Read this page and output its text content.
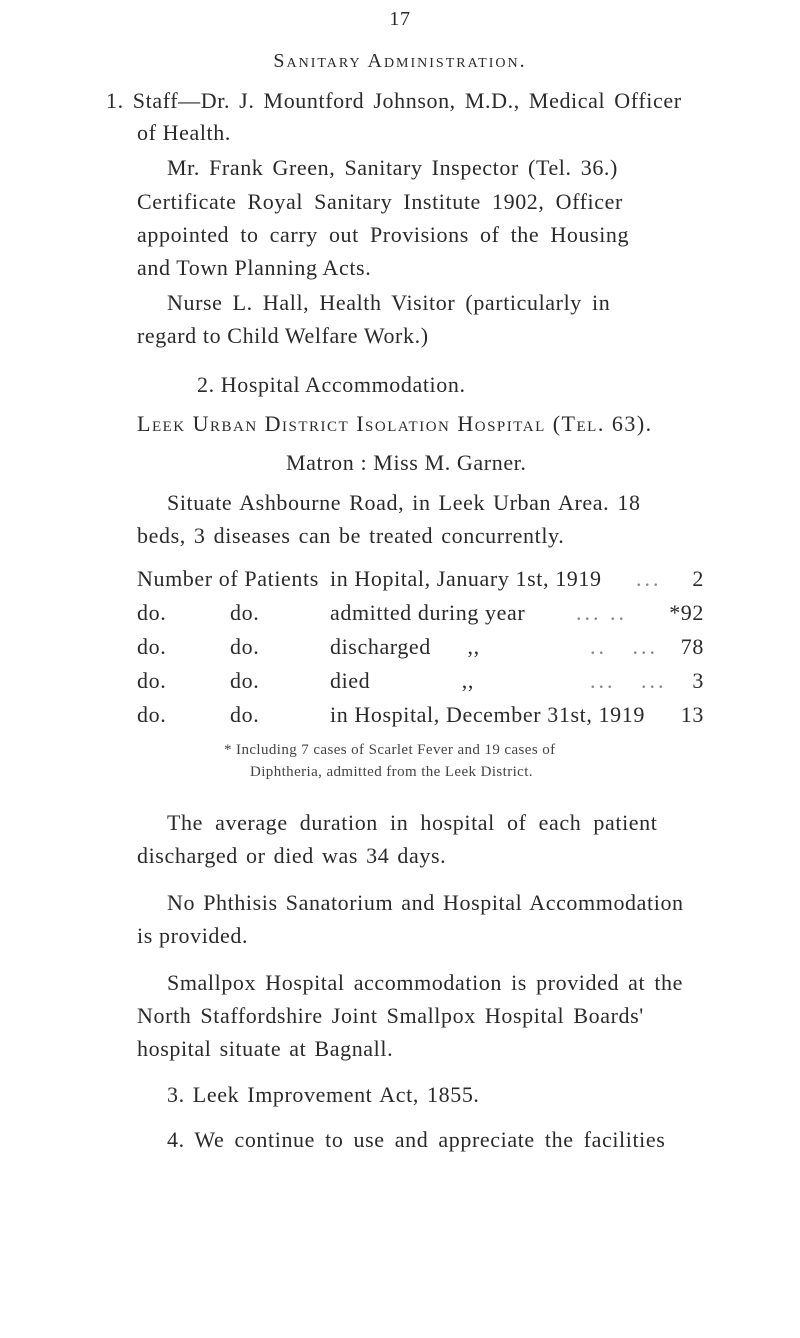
17
Sanitary Administration.
1. Staff—Dr. J. Mountford Johnson, M.D., Medical Officer
of Health.
Mr. Frank Green, Sanitary Inspector (Tel. 36.)
Certificate Royal Sanitary Institute 1902, Officer
appointed to carry out Provisions of the Housing
and Town Planning Acts.
Nurse L. Hall, Health Visitor (particularly in
regard to Child Welfare Work.)
2. Hospital Accommodation.
Leek Urban District Isolation Hospital (Tel. 63).
Matron : Miss M. Garner.
Situate Ashbourne Road, in Leek Urban Area. 18
beds, 3 diseases can be treated concurrently.
Number of Patients in Hopital, January 1st, 1919 ... 2
do.	do.	admitted during year ... .. *92
do.	do.	discharged      ,,	..   ... 78
do.	do.	died               ,,	...   ... 3
do.	do.	in Hospital, December 31st, 1919 13
* Including 7 cases of Scarlet Fever and 19 cases of
Diphtheria, admitted from the Leek District.
The average duration in hospital of each patient
discharged or died was 34 days.
No Phthisis Sanatorium and Hospital Accommodation
is provided.
Smallpox Hospital accommodation is provided at the
North Staffordshire Joint Smallpox Hospital Boards'
hospital situate at Bagnall.
3. Leek Improvement Act, 1855.
4. We continue to use and appreciate the facilities
